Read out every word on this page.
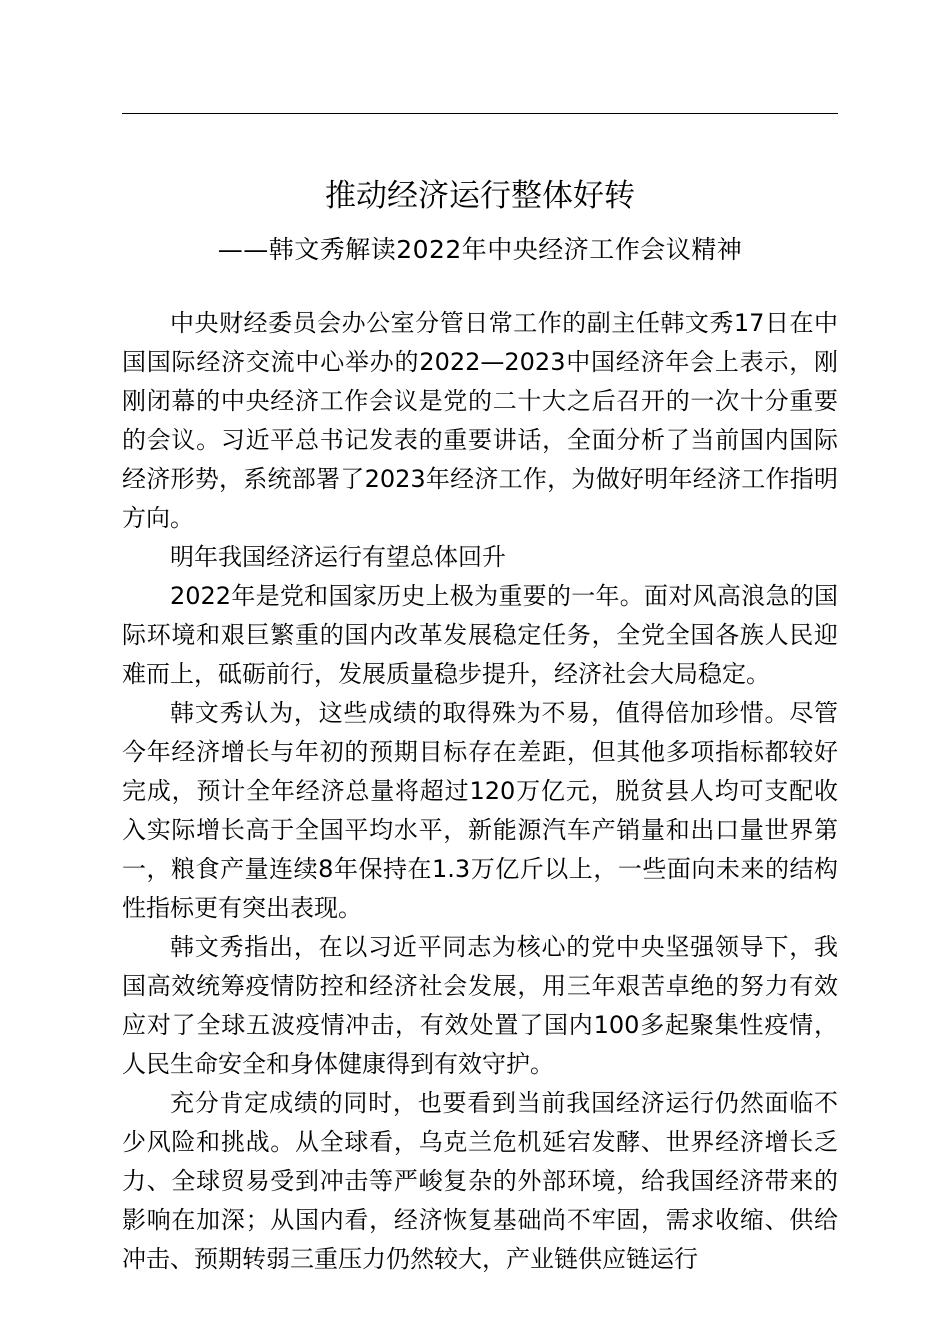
推动经济运行整体好转
——韩文秀解读2022年中央经济工作会议精神

中央财经委员会办公室分管日常工作的副主任韩文秀17日在中国国际经济交流中心举办的2022—2023中国经济年会上表示，刚刚闭幕的中央经济工作会议是党的二十大之后召开的一次十分重要的会议。习近平总书记发表的重要讲话，全面分析了当前国内国际经济形势，系统部署了2023年经济工作，为做好明年经济工作指明方向。

明年我国经济运行有望总体回升

2022年是党和国家历史上极为重要的一年。面对风高浪急的国际环境和艰巨繁重的国内改革发展稳定任务，全党全国各族人民迎难而上，砥砺前行，发展质量稳步提升，经济社会大局稳定。

韩文秀认为，这些成绩的取得殊为不易，值得倍加珍惜。尽管今年经济增长与年初的预期目标存在差距，但其他多项指标都较好完成，预计全年经济总量将超过120万亿元，脱贫县人均可支配收入实际增长高于全国平均水平，新能源汽车产销量和出口量世界第一，粮食产量连续8年保持在1.3万亿斤以上，一些面向未来的结构性指标更有突出表现。

韩文秀指出，在以习近平同志为核心的党中央坚强领导下，我国高效统筹疫情防控和经济社会发展，用三年艰苦卓绝的努力有效应对了全球五波疫情冲击，有效处置了国内100多起聚集性疫情，人民生命安全和身体健康得到有效守护。

充分肯定成绩的同时，也要看到当前我国经济运行仍然面临不少风险和挑战。从全球看，乌克兰危机延宕发酵、世界经济增长乏力、全球贸易受到冲击等严峻复杂的外部环境，给我国经济带来的影响在加深；从国内看，经济恢复基础尚不牢固，需求收缩、供给冲击、预期转弱三重压力仍然较大，产业链供应链运行
